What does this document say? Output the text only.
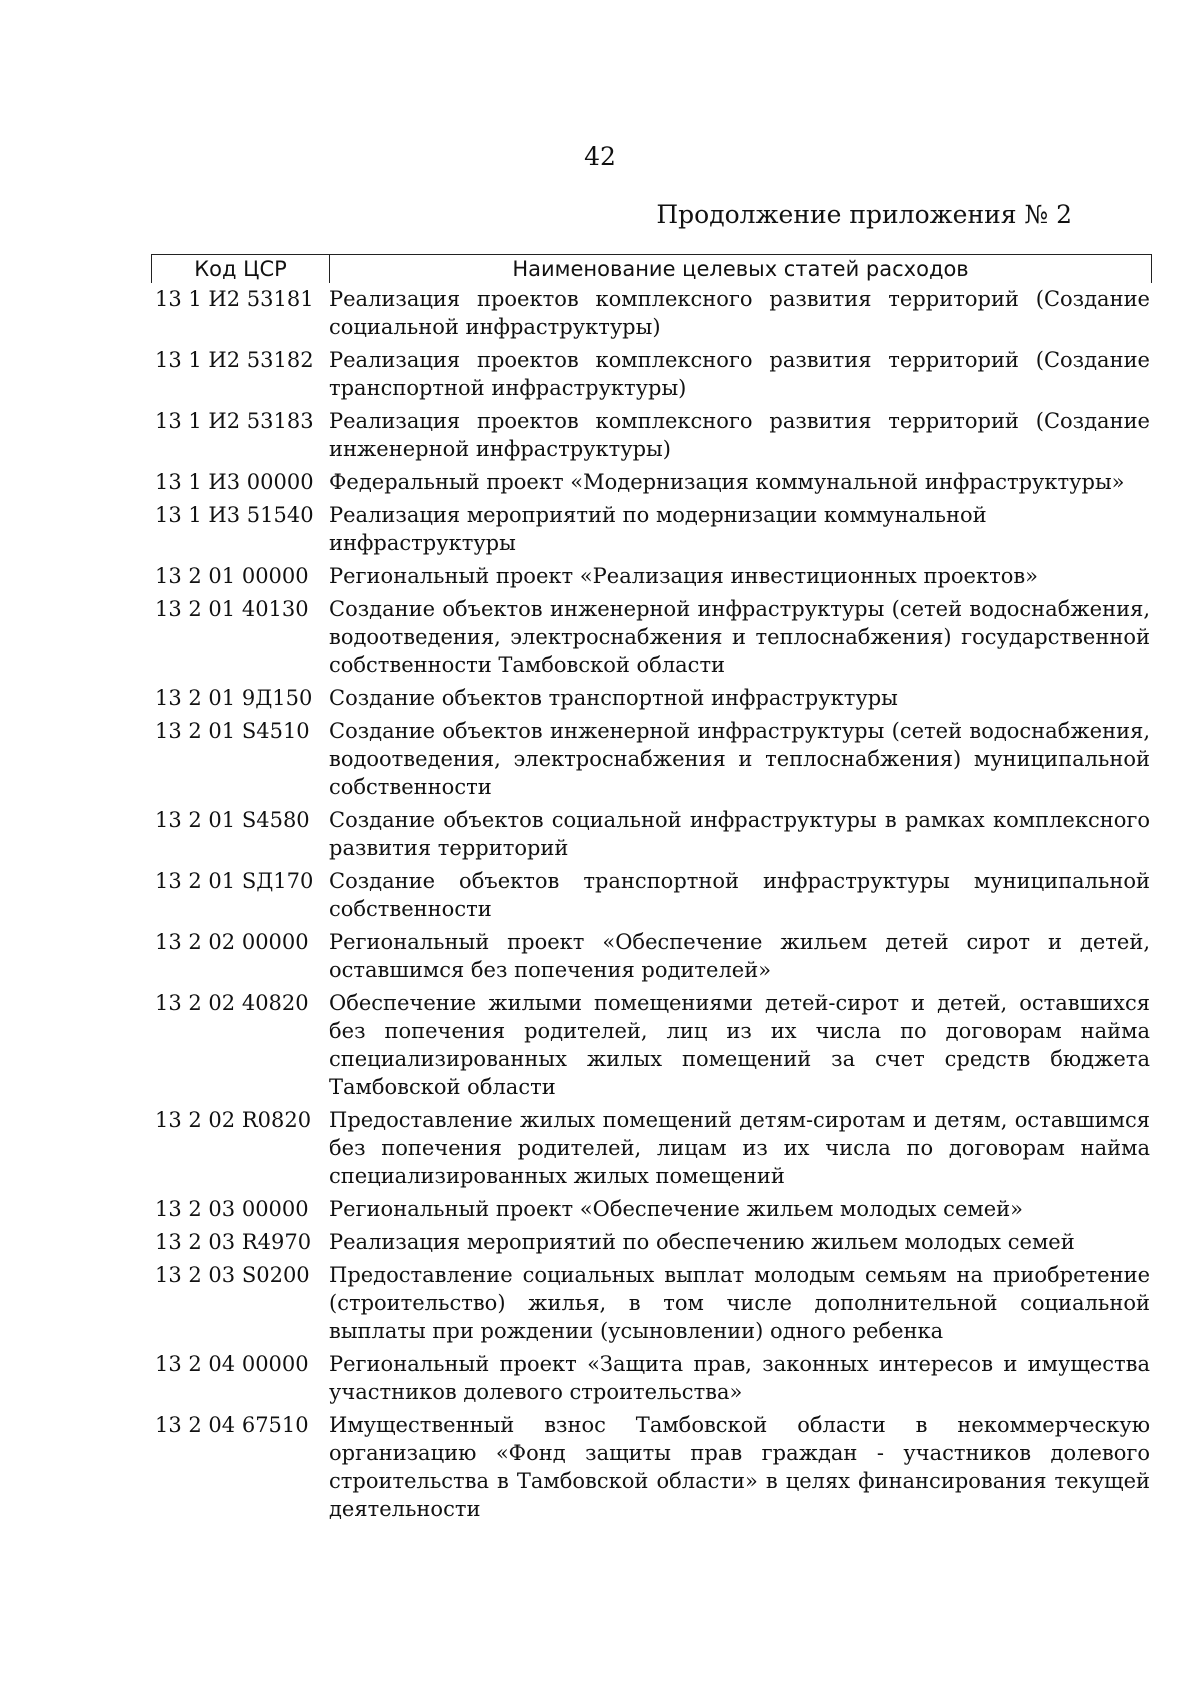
42
Продолжение приложения № 2
Код ЦСР	Наименование целевых статей расходов
13 1 И2 53181 Реализация проектов комплексного развития территорий (Создание социальной инфраструктуры)
13 1 И2 53182 Реализация проектов комплексного развития территорий (Создание транспортной инфраструктуры)
13 1 И2 53183 Реализация проектов комплексного развития территорий (Создание инженерной инфраструктуры)
13 1 И3 00000 Федеральный проект «Модернизация коммунальной инфраструктуры»
13 1 И3 51540 Реализация мероприятий по модернизации коммунальной инфраструктуры
13 2 01 00000 Региональный проект «Реализация инвестиционных проектов»
13 2 01 40130 Создание объектов инженерной инфраструктуры (сетей водоснабжения, водоотведения, электроснабжения и теплоснабжения) государственной собственности Тамбовской области
13 2 01 9Д150 Создание объектов транспортной инфраструктуры
13 2 01 S4510 Создание объектов инженерной инфраструктуры (сетей водоснабжения, водоотведения, электроснабжения и теплоснабжения) муниципальной собственности
13 2 01 S4580 Создание объектов социальной инфраструктуры в рамках комплексного развития территорий
13 2 01 SД170 Создание объектов транспортной инфраструктуры муниципальной собственности
13 2 02 00000 Региональный проект «Обеспечение жильем детей сирот и детей, оставшимся без попечения родителей»
13 2 02 40820 Обеспечение жилыми помещениями детей-сирот и детей, оставшихся без попечения родителей, лиц из их числа по договорам найма специализированных жилых помещений за счет средств бюджета Тамбовской области
13 2 02 R0820 Предоставление жилых помещений детям-сиротам и детям, оставшимся без попечения родителей, лицам из их числа по договорам найма специализированных жилых помещений
13 2 03 00000 Региональный проект «Обеспечение жильем молодых семей»
13 2 03 R4970 Реализация мероприятий по обеспечению жильем молодых семей
13 2 03 S0200 Предоставление социальных выплат молодым семьям на приобретение (строительство) жилья, в том числе дополнительной социальной выплаты при рождении (усыновлении) одного ребенка
13 2 04 00000 Региональный проект «Защита прав, законных интересов и имущества участников долевого строительства»
13 2 04 67510 Имущественный взнос Тамбовской области в некоммерческую организацию «Фонд защиты прав граждан - участников долевого строительства в Тамбовской области» в целях финансирования текущей деятельности
